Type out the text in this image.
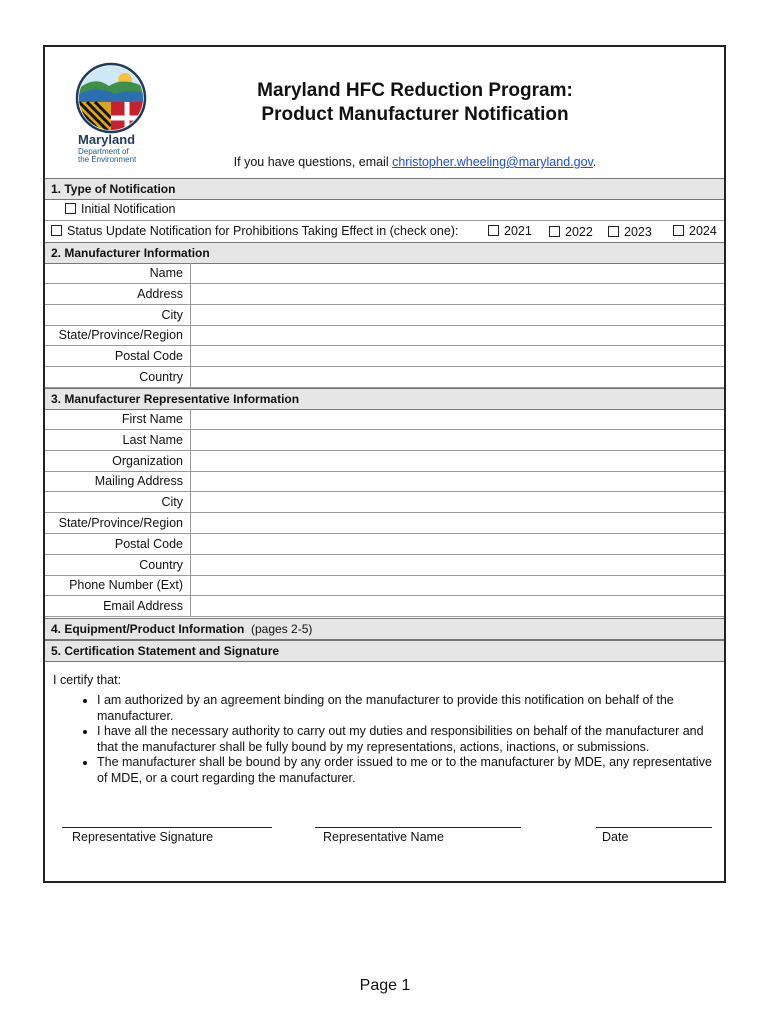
Maryland
Department of
the Environment
Maryland HFC Reduction Program:
Product Manufacturer Notification
If you have questions, email christopher.wheeling@maryland.gov.
1. Type of Notification
Initial Notification
Status Update Notification for Prohibitions Taking Effect in (check one):	2021	2022	2023	2024
2. Manufacturer Information
Name
Address
City
State/Province/Region
Postal Code
Country
3. Manufacturer Representative Information
First Name
Last Name
Organization
Mailing Address
City
State/Province/Region
Postal Code
Country
Phone Number (Ext)
Email Address
4. Equipment/Product Information (pages 2-5)
5. Certification Statement and Signature
I certify that:
• I am authorized by an agreement binding on the manufacturer to provide this notification on behalf of the manufacturer.
• I have all the necessary authority to carry out my duties and responsibilities on behalf of the manufacturer and that the manufacturer shall be fully bound by my representations, actions, inactions, or submissions.
• The manufacturer shall be bound by any order issued to me or to the manufacturer by MDE, any representative of MDE, or a court regarding the manufacturer.
Representative Signature	Representative Name	Date
Page 1
